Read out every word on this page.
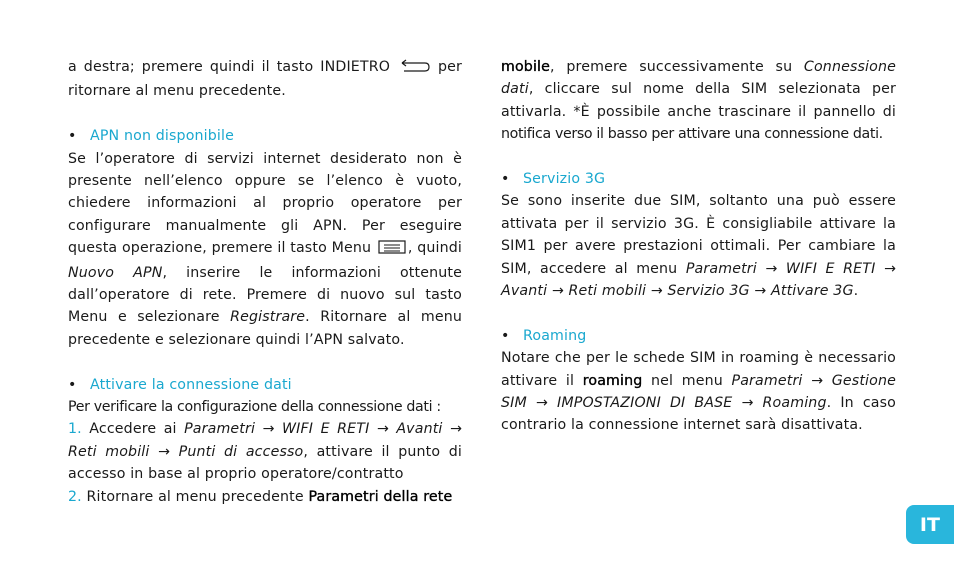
a destra; premere quindi il tasto INDIETRO  per ritornare al menu precedente.

• APN non disponibile

Se l’operatore di servizi internet desiderato non è presente nell’elenco oppure se l’elenco è vuoto, chiedere informazioni al proprio operatore per configurare manualmente gli APN. Per eseguire questa operazione, premere il tasto Menu , quindi Nuovo APN, inserire le informazioni ottenute dall’operatore di rete. Premere di nuovo sul tasto Menu e selezionare Registrare. Ritornare al menu precedente e selezionare quindi l’APN salvato.

• Attivare la connessione dati

Per verificare la configurazione della connessione dati :

1. Accedere ai Parametri → WIFI E RETI → Avanti → Reti mobili → Punti di accesso, attivare il punto di accesso in base al proprio operatore/contratto

2. Ritornare al menu precedente Parametri della rete

mobile, premere successivamente su Connessione dati, cliccare sul nome della SIM selezionata per attivarla. *È possibile anche trascinare il pannello di notifica verso il basso per attivare una connessione dati.

• Servizio 3G

Se sono inserite due SIM, soltanto una può essere attivata per il servizio 3G. È consigliabile attivare la SIM1 per avere prestazioni ottimali. Per cambiare la SIM, accedere al menu Parametri → WIFI E RETI → Avanti → Reti mobili → Servizio 3G → Attivare 3G.

• Roaming

Notare che per le schede SIM in roaming è necessario attivare il roaming nel menu Parametri → Gestione SIM → IMPOSTAZIONI DI BASE → Roaming. In caso contrario la connessione internet sarà disattivata.

IT
